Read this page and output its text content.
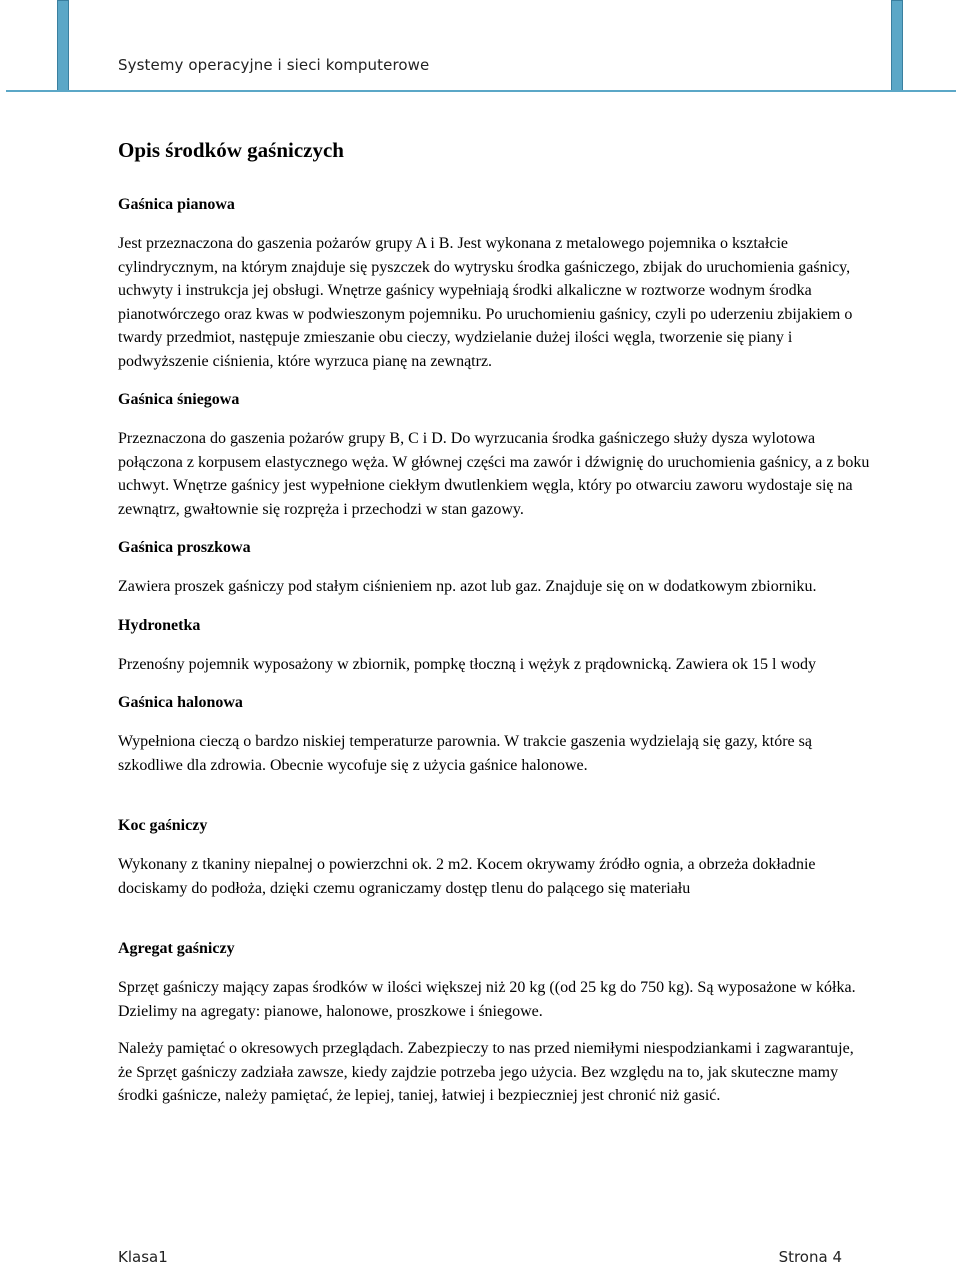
Systemy operacyjne i sieci komputerowe
Opis środków gaśniczych
Gaśnica pianowa

Jest przeznaczona do gaszenia pożarów grupy A i B. Jest wykonana z metalowego pojemnika o kształcie cylindrycznym, na którym znajduje się pyszczek do wytrysku środka gaśniczego, zbijak do uruchomienia gaśnicy, uchwyty i instrukcja jej obsługi. Wnętrze gaśnicy wypełniają środki alkaliczne w roztworze wodnym środka pianotwórczego oraz kwas w podwieszonym pojemniku. Po uruchomieniu gaśnicy, czyli po uderzeniu zbijakiem o twardy przedmiot, następuje zmieszanie obu cieczy, wydzielanie dużej ilości węgla, tworzenie się piany i podwyższenie ciśnienia, które wyrzuca pianę na zewnątrz.

Gaśnica śniegowa

Przeznaczona do gaszenia pożarów grupy B, C i D. Do wyrzucania środka gaśniczego służy dysza wylotowa połączona z korpusem elastycznego węża. W głównej części ma zawór i dźwignię do uruchomienia gaśnicy, a z boku uchwyt. Wnętrze gaśnicy jest wypełnione ciekłym dwutlenkiem węgla, który po otwarciu zaworu wydostaje się na zewnątrz, gwałtownie się rozpręża i przechodzi w stan gazowy.

Gaśnica proszkowa

Zawiera proszek gaśniczy pod stałym ciśnieniem np. azot lub gaz. Znajduje się on w dodatkowym zbiorniku.

Hydronetka

Przenośny pojemnik wyposażony w zbiornik, pompkę tłoczną i wężyk z prądownicką. Zawiera ok 15 l wody

Gaśnica halonowa

Wypełniona cieczą o bardzo niskiej temperaturze parownia. W trakcie gaszenia wydzielają się gazy, które są szkodliwe dla zdrowia. Obecnie wycofuje się z użycia gaśnice halonowe.

Koc gaśniczy

Wykonany z tkaniny niepalnej o powierzchni ok. 2 m2. Kocem okrywamy źródło ognia, a obrzeża dokładnie dociskamy do podłoża, dzięki czemu ograniczamy dostęp tlenu do palącego się materiału

Agregat gaśniczy

Sprzęt gaśniczy mający zapas środków w ilości większej niż 20 kg ((od 25 kg do 750 kg). Są wyposażone w kółka. Dzielimy na agregaty: pianowe, halonowe, proszkowe i śniegowe.

Należy pamiętać o okresowych przeglądach. Zabezpieczy to nas przed niemiłymi niespodziankami i zagwarantuje, że Sprzęt gaśniczy zadziała zawsze, kiedy zajdzie potrzeba jego użycia. Bez względu na to, jak skuteczne mamy środki gaśnicze, należy pamiętać, że lepiej, taniej, łatwiej i bezpieczniej jest chronić niż gasić.

Klasa1	Strona 4
